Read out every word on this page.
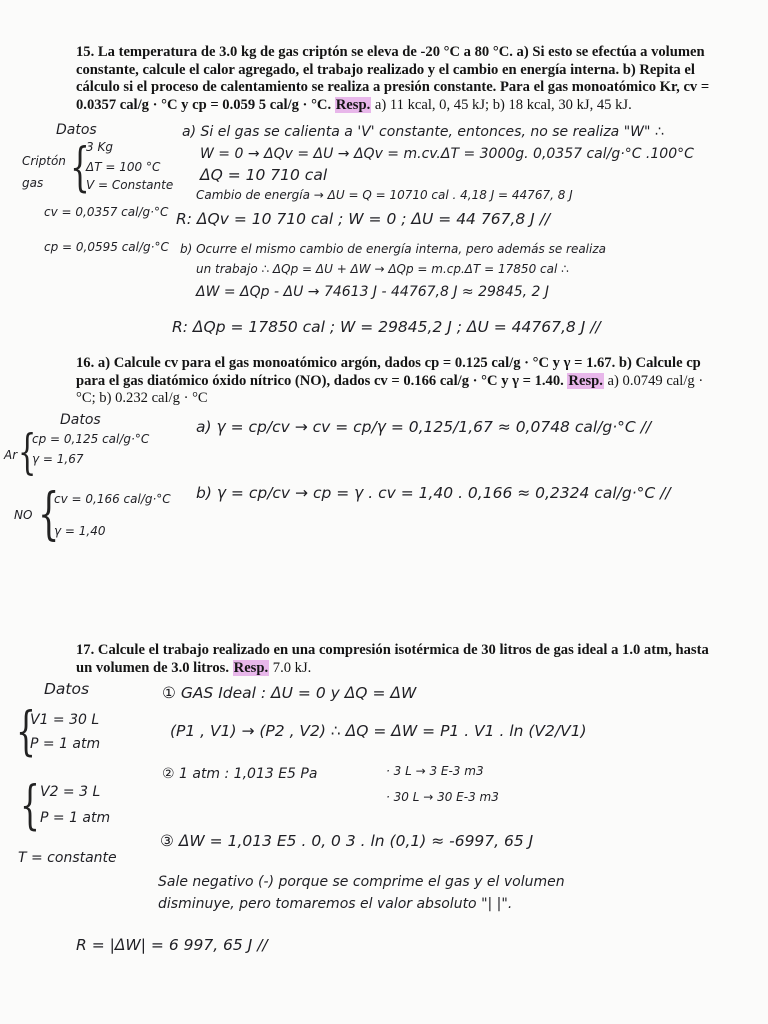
15. La temperatura de 3.0 kg de gas criptón se eleva de -20 °C a 80 °C. a) Si esto se efectúa a volumen constante, calcule el calor agregado, el trabajo realizado y el cambio en energía interna. b) Repita el cálculo si el proceso de calentamiento se realiza a presión constante. Para el gas monoatómico Kr, cv = 0.0357 cal/g · °C y cp = 0.059 5 cal/g · °C. Resp. a) 11 kcal, 0, 45 kJ; b) 18 kcal, 30 kJ, 45 kJ.
Datos
Criptón gas {
3 Kg
ΔT = 100 °C
V = Constante
cv = 0,0357 cal/g·°C
cp = 0,0595 cal/g·°C
a) Si el gas se calienta a 'V' constante, entonces, no se realiza "W" ∴
W = 0 → ΔQv = ΔU → ΔQv = m.cv.ΔT = 3000g. 0,0357 cal/g·°C .100°C
ΔQ = 10 710 cal
Cambio de energía → ΔU = Q = 10710 cal . 4,18 J = 44767, 8 J
R: ΔQv = 10 710 cal ; W = 0 ; ΔU = 44 767,8 J //
b) Ocurre el mismo cambio de energía interna, pero además se realiza
un trabajo ∴ ΔQp = ΔU + ΔW → ΔQp = m.cp.ΔT = 17850 cal ∴
ΔW = ΔQp - ΔU → 74613 J - 44767,8 J ≈ 29845, 2 J
R: ΔQp = 17850 cal ; W = 29845,2 J ; ΔU = 44767,8 J //
16. a) Calcule cv para el gas monoatómico argón, dados cp = 0.125 cal/g · °C y γ = 1.67. b) Calcule cp para el gas diatómico óxido nítrico (NO), dados cv = 0.166 cal/g · °C y γ = 1.40. Resp. a) 0.0749 cal/g · °C; b) 0.232 cal/g · °C
Datos
Ar {
cp = 0,125 cal/g·°C
γ = 1,67
NO {
cv = 0,166 cal/g·°C
γ = 1,40
a) γ = cp/cv → cv = cp/γ = 0,125/1,67 ≈ 0,0748 cal/g·°C //
b) γ = cp/cv → cp = γ . cv = 1,40 . 0,166 ≈ 0,2324 cal/g·°C //
17. Calcule el trabajo realizado en una compresión isotérmica de 30 litros de gas ideal a 1.0 atm, hasta un volumen de 3.0 litros. Resp. 7.0 kJ.
Datos
{
V1 = 30 L
P = 1 atm
{ V2 = 3 L
P = 1 atm
T = constante
① GAS Ideal : ΔU = 0 y ΔQ = ΔW
(P1 , V1) → (P2 , V2) ∴ ΔQ = ΔW = P1 . V1 . ln (V2/V1)
② 1 atm : 1,013 E5 Pa	· 3 L → 3 E-3 m3
· 30 L → 30 E-3 m3
③ ΔW = 1,013 E5 . 0, 0 3 . ln (0,1) ≈ -6997, 65 J
Sale negativo (-) porque se comprime el gas y el volumen
disminuye, pero tomaremos el valor absoluto "| |".
R = |ΔW| = 6 997, 65 J //
